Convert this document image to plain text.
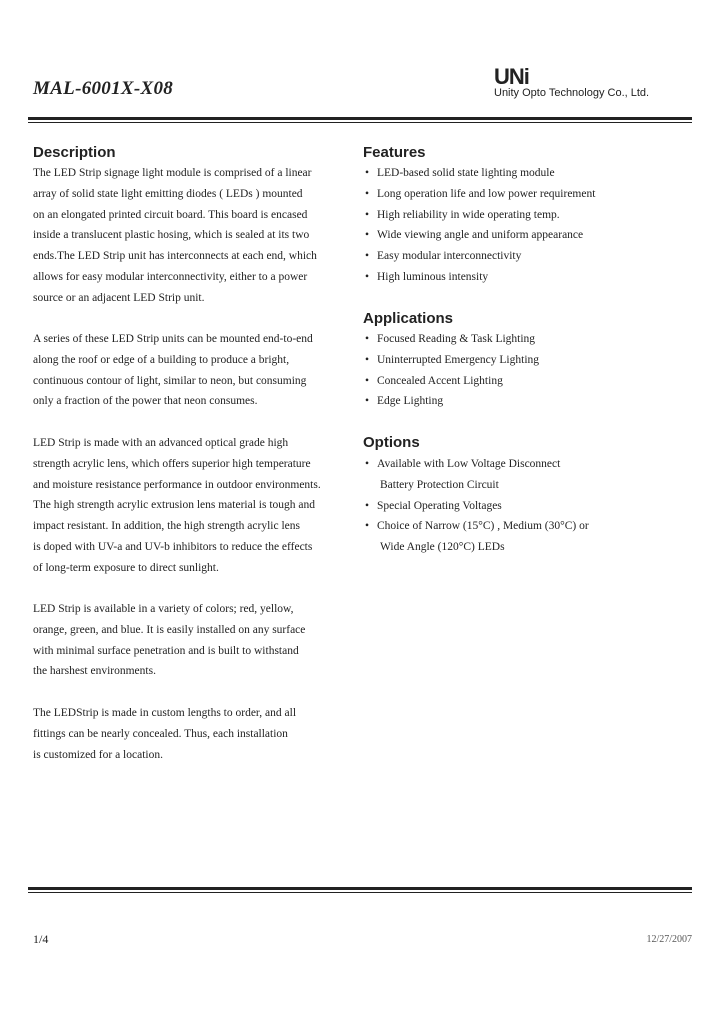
MAL-6001X-X08	UNi
Unity Opto Technology Co., Ltd.
Description
The LED Strip signage light module is comprised of a linear
array of solid state light emitting diodes ( LEDs ) mounted
on an elongated printed circuit board. This board is encased
inside a translucent plastic hosing, which is sealed at its two
ends.The LED Strip unit has interconnects at each end, which
allows for easy modular interconnectivity, either to a power
source or an adjacent LED Strip unit.
A series of these LED Strip units can be mounted end-to-end
along the roof or edge of a building to produce a bright,
continuous contour of light, similar to neon, but consuming
only a fraction of the power that neon consumes.
LED Strip is made with an advanced optical grade high
strength acrylic lens, which offers superior high temperature
and moisture resistance performance in outdoor environments.
The high strength acrylic extrusion lens material is tough and
impact resistant. In addition, the high strength acrylic lens
is doped with UV-a and UV-b inhibitors to reduce the effects
of long-term exposure to direct sunlight.
LED Strip is available in a variety of colors; red, yellow,
orange, green, and blue. It is easily installed on any surface
with minimal surface penetration and is built to withstand
the harshest environments.
The LEDStrip is made in custom lengths to order, and all
fittings can be nearly concealed. Thus, each installation
is customized for a location.
Features
• LED-based solid state lighting module
• Long operation life and low power requirement
• High reliability in wide operating temp.
• Wide viewing angle and uniform appearance
• Easy modular interconnectivity
• High luminous intensity
Applications
• Focused Reading & Task Lighting
• Uninterrupted Emergency Lighting
• Concealed Accent Lighting
• Edge Lighting
Options
• Available with Low Voltage Disconnect
Battery Protection Circuit
• Special Operating Voltages
• Choice of Narrow (15°C) , Medium (30°C) or
Wide Angle (120°C) LEDs
1/4	12/27/2007
